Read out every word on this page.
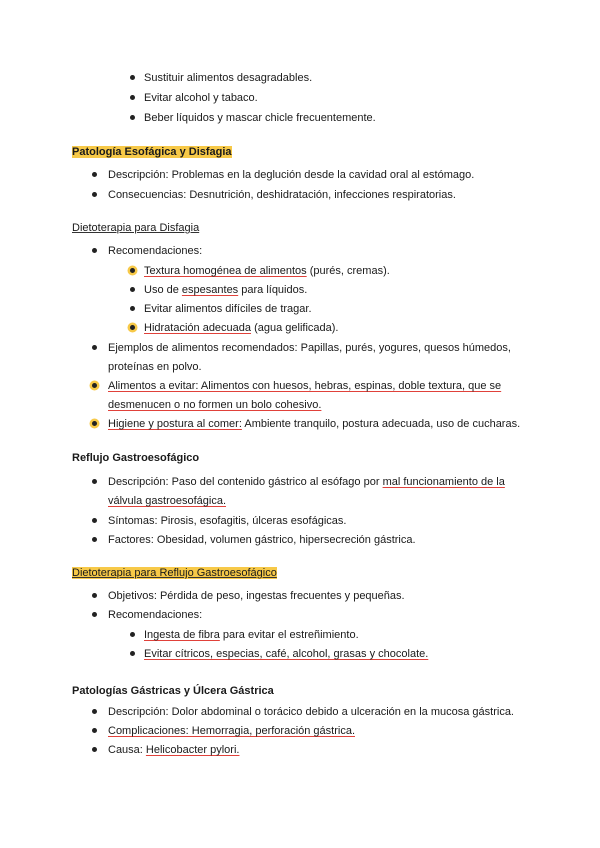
Sustituir alimentos desagradables.
Evitar alcohol y tabaco.
Beber líquidos y mascar chicle frecuentemente.
Patología Esofágica y Disfagia
Descripción: Problemas en la deglución desde la cavidad oral al estómago.
Consecuencias: Desnutrición, deshidratación, infecciones respiratorias.
Dietoterapia para Disfagia
Recomendaciones:
Textura homogénea de alimentos (purés, cremas).
Uso de espesantes para líquidos.
Evitar alimentos difíciles de tragar.
Hidratación adecuada (agua gelificada).
Ejemplos de alimentos recomendados: Papillas, purés, yogures, quesos húmedos,
proteínas en polvo.
Alimentos a evitar: Alimentos con huesos, hebras, espinas, doble textura, que se
desmenucen o no formen un bolo cohesivo.
Higiene y postura al comer: Ambiente tranquilo, postura adecuada, uso de cucharas.
Reflujo Gastroesofágico
Descripción: Paso del contenido gástrico al esófago por mal funcionamiento de la
válvula gastroesofágica.
Síntomas: Pirosis, esofagitis, úlceras esofágicas.
Factores: Obesidad, volumen gástrico, hipersecreción gástrica.
Dietoterapia para Reflujo Gastroesofágico
Objetivos: Pérdida de peso, ingestas frecuentes y pequeñas.
Recomendaciones:
Ingesta de fibra para evitar el estreñimiento.
Evitar cítricos, especias, café, alcohol, grasas y chocolate.
Patologías Gástricas y Úlcera Gástrica
Descripción: Dolor abdominal o torácico debido a ulceración en la mucosa gástrica.
Complicaciones: Hemorragia, perforación gástrica.
Causa: Helicobacter pylori.
